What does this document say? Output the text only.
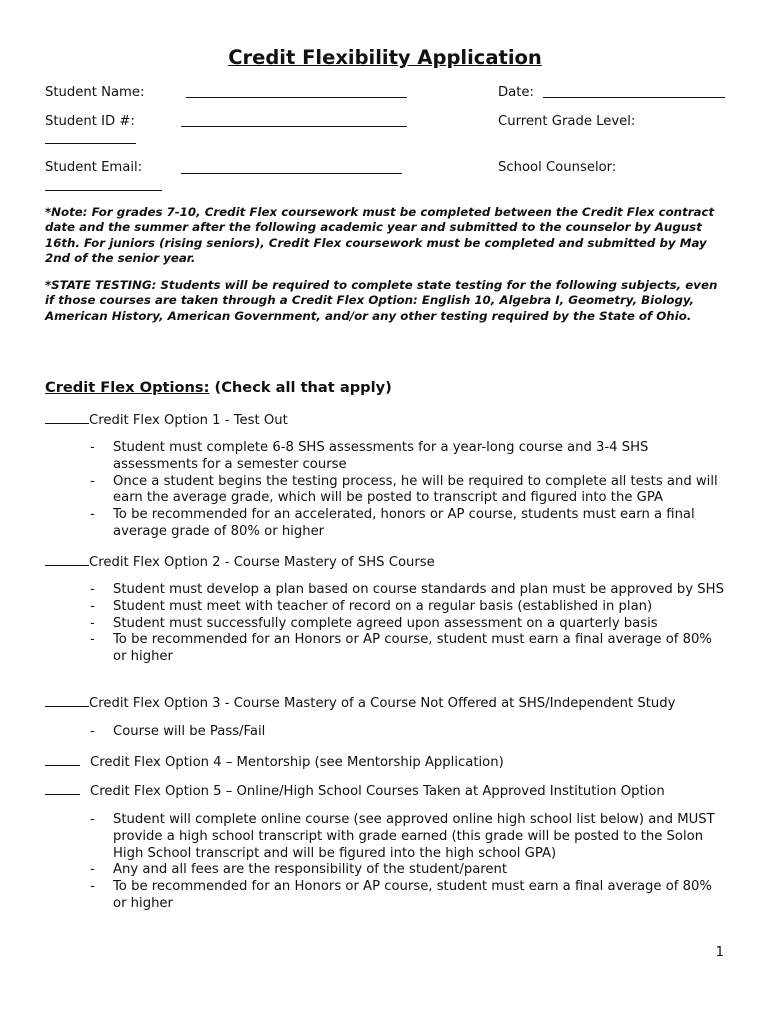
Credit Flexibility Application
Student Name:	Date:
Student ID #:	Current Grade Level:
Student Email:	School Counselor:

*Note: For grades 7-10, Credit Flex coursework must be completed between the Credit Flex contract date and the summer after the following academic year and submitted to the counselor by August 16th. For juniors (rising seniors), Credit Flex coursework must be completed and submitted by May 2nd of the senior year.

*STATE TESTING: Students will be required to complete state testing for the following subjects, even if those courses are taken through a Credit Flex Option: English 10, Algebra I, Geometry, Biology, American History, American Government, and/or any other testing required by the State of Ohio.

Credit Flex Options: (Check all that apply)
Credit Flex Option 1 - Test Out
- Student must complete 6-8 SHS assessments for a year-long course and 3-4 SHS assessments for a semester course
- Once a student begins the testing process, he will be required to complete all tests and will earn the average grade, which will be posted to transcript and figured into the GPA
- To be recommended for an accelerated, honors or AP course, students must earn a final average grade of 80% or higher
Credit Flex Option 2 - Course Mastery of SHS Course
- Student must develop a plan based on course standards and plan must be approved by SHS
- Student must meet with teacher of record on a regular basis (established in plan)
- Student must successfully complete agreed upon assessment on a quarterly basis
- To be recommended for an Honors or AP course, student must earn a final average of 80% or higher
Credit Flex Option 3 - Course Mastery of a Course Not Offered at SHS/Independent Study
- Course will be Pass/Fail
Credit Flex Option 4 – Mentorship (see Mentorship Application)
Credit Flex Option 5 – Online/High School Courses Taken at Approved Institution Option
- Student will complete online course (see approved online high school list below) and MUST provide a high school transcript with grade earned (this grade will be posted to the Solon High School transcript and will be figured into the high school GPA)
- Any and all fees are the responsibility of the student/parent
- To be recommended for an Honors or AP course, student must earn a final average of 80% or higher
1
